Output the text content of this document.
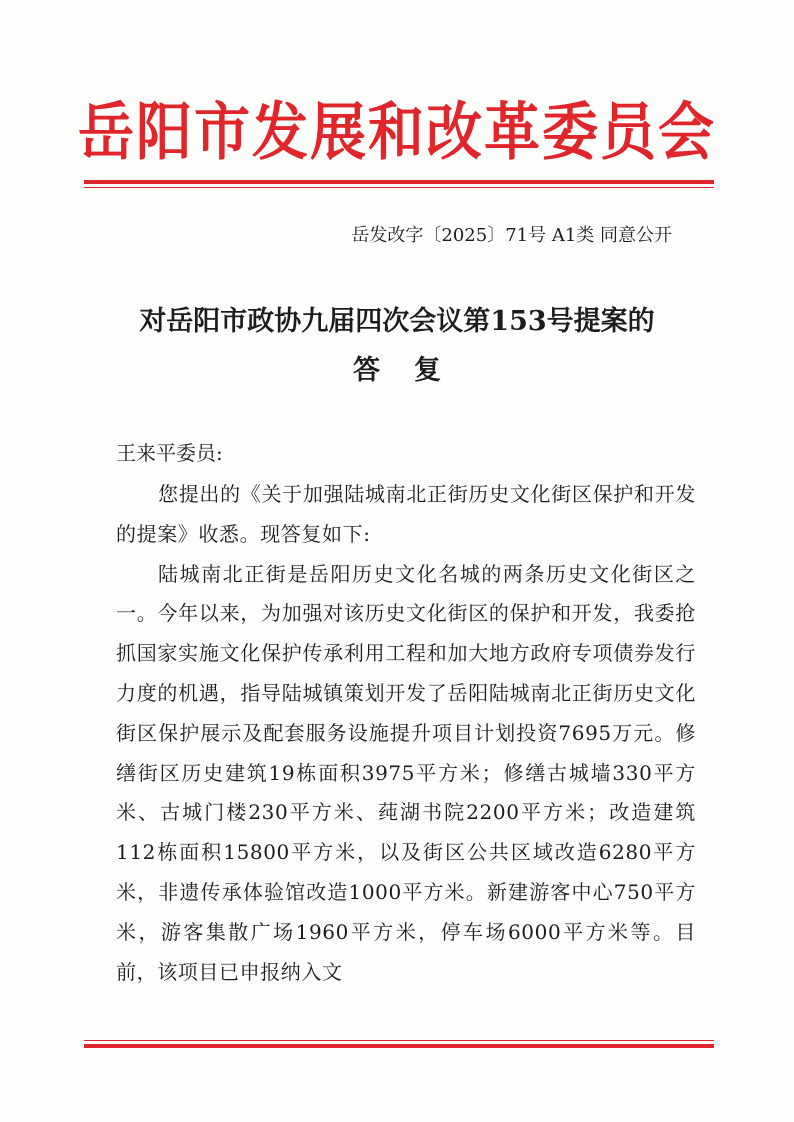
岳阳市发展和改革委员会
岳发改字〔2025〕71号 A1类 同意公开
对岳阳市政协九届四次会议第153号提案的
答复
王来平委员:

您提出的《关于加强陆城南北正街历史文化街区保护和开发的提案》收悉。现答复如下:

陆城南北正街是岳阳历史文化名城的两条历史文化街区之一。今年以来，为加强对该历史文化街区的保护和开发，我委抢抓国家实施文化保护传承利用工程和加大地方政府专项债券发行力度的机遇，指导陆城镇策划开发了岳阳陆城南北正街历史文化街区保护展示及配套服务设施提升项目计划投资7695万元。修缮街区历史建筑19栋面积3975平方米；修缮古城墙330平方米、古城门楼230平方米、莼湖书院2200平方米；改造建筑112栋面积15800平方米，以及街区公共区域改造6280平方米，非遗传承体验馆改造1000平方米。新建游客中心750平方米，游客集散广场1960平方米，停车场6000平方米等。目前，该项目已申报纳入文
